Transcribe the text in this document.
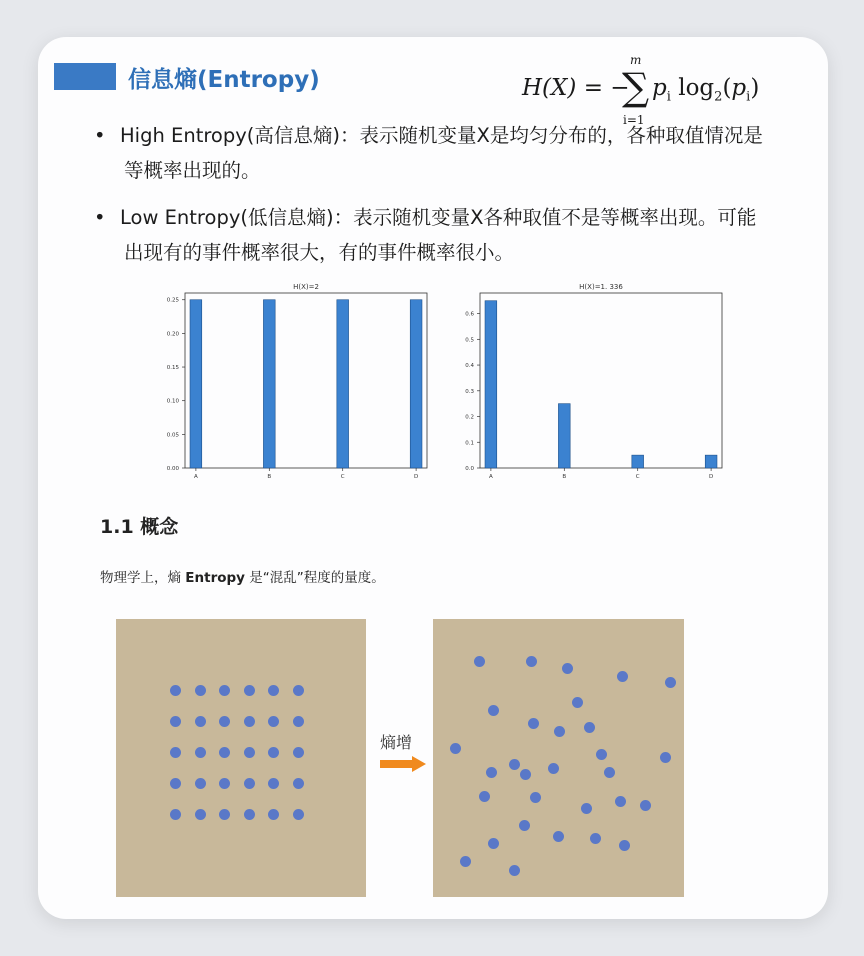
信息熵(Entropy)	H(X) = −
m
∑
i=1
$p_i$ $\log_2(p_i)$
• High Entropy(高信息熵)：表示随机变量X是均匀分布的，各种取值情况是

等概率出现的。

• Low Entropy(低信息熵)：表示随机变量X各种取值不是等概率出现。可能

出现有的事件概率很大，有的事件概率很小。

H(X)=2
0.00
0.05
0.10
0.15
0.20
0.25
A	B	C	D
H(X)=1. 336
0.0
0.1
0.2
0.3
0.4
0.5
0.6
A	B	C	D
1.1 概念
物理学上，熵 Entropy 是“混乱”程度的量度。
熵增
